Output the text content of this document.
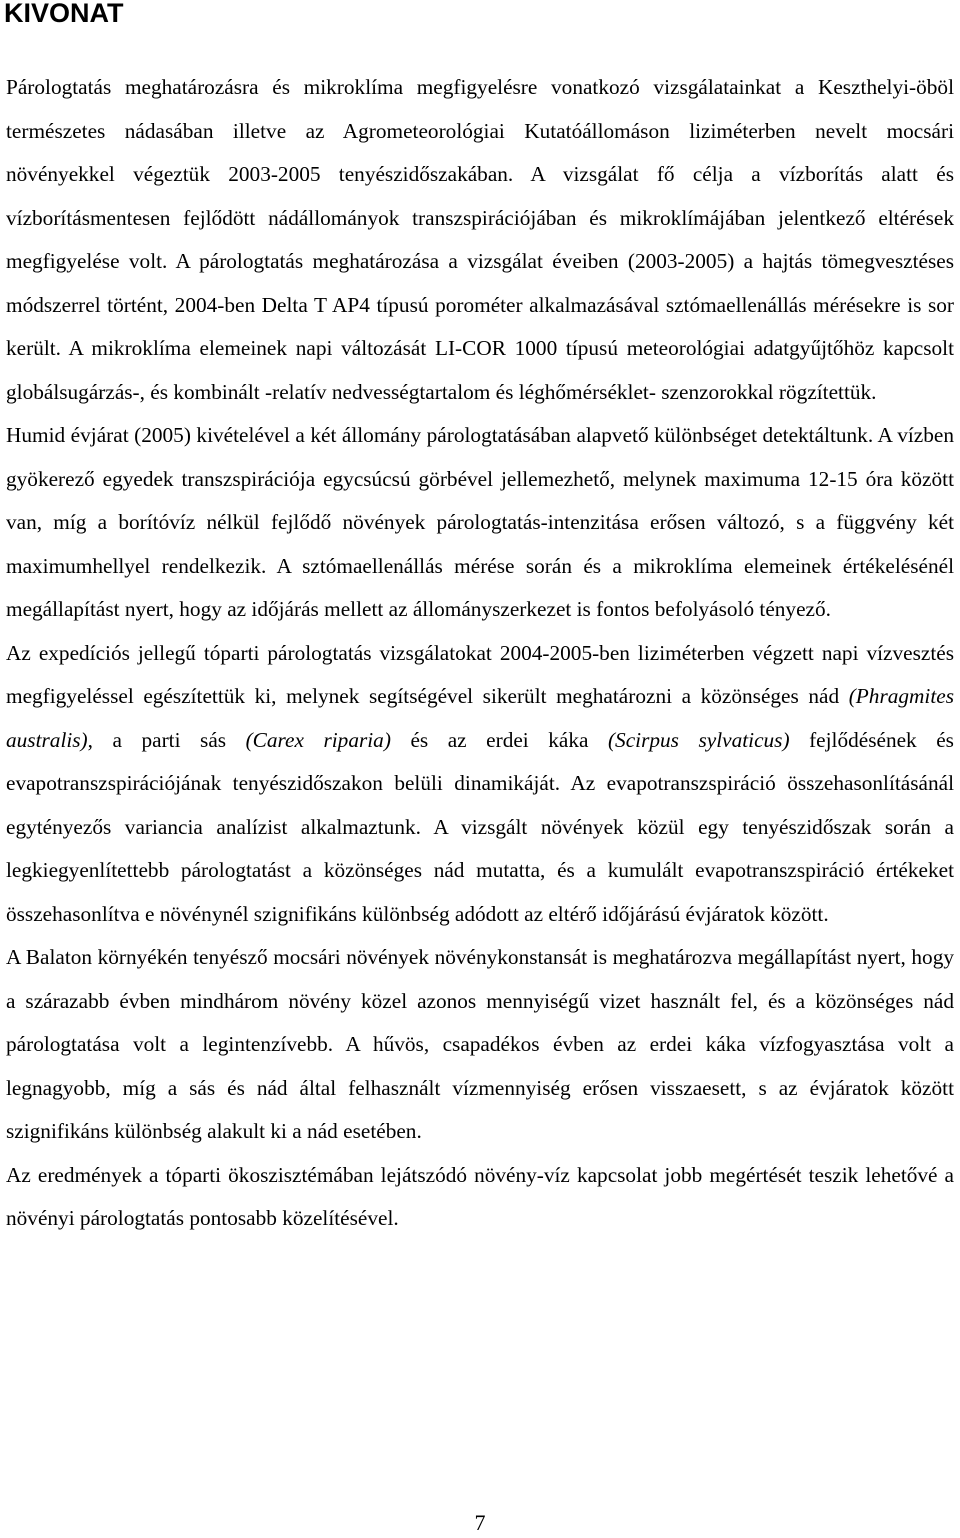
KIVONAT

Párologtatás meghatározásra és mikroklíma megfigyelésre vonatkozó vizsgálatainkat a Keszthelyi-öböl természetes nádasában illetve az Agrometeorológiai Kutatóállomáson liziméterben nevelt mocsári növényekkel végeztük 2003-2005 tenyészidőszakában. A vizsgálat fő célja a vízborítás alatt és vízborításmentesen fejlődött nádállományok transzspirációjában és mikroklímájában jelentkező eltérések megfigyelése volt. A párologtatás meghatározása a vizsgálat éveiben (2003-2005) a hajtás tömegvesztéses módszerrel történt, 2004-ben Delta T AP4 típusú porométer alkalmazásával sztómaellenállás mérésekre is sor került. A mikroklíma elemeinek napi változását LI-COR 1000 típusú meteorológiai adatgyűjtőhöz kapcsolt globálsugárzás-, és kombinált -relatív nedvességtartalom és léghőmérséklet- szenzorokkal rögzítettük.

Humid évjárat (2005) kivételével a két állomány párologtatásában alapvető különbséget detektáltunk. A vízben gyökerező egyedek transzspirációja egycsúcsú görbével jellemezhető, melynek maximuma 12-15 óra között van, míg a borítóvíz nélkül fejlődő növények párologtatás-intenzitása erősen változó, s a függvény két maximumhellyel rendelkezik. A sztómaellenállás mérése során és a mikroklíma elemeinek értékelésénél megállapítást nyert, hogy az időjárás mellett az állományszerkezet is fontos befolyásoló tényező.

Az expedíciós jellegű tóparti párologtatás vizsgálatokat 2004-2005-ben liziméterben végzett napi vízvesztés megfigyeléssel egészítettük ki, melynek segítségével sikerült meghatározni a közönséges nád (Phragmites australis), a parti sás (Carex riparia) és az erdei káka (Scirpus sylvaticus) fejlődésének és evapotranszspirációjának tenyészidőszakon belüli dinamikáját. Az evapotranszspiráció összehasonlításánál egytényezős variancia analízist alkalmaztunk. A vizsgált növények közül egy tenyészidőszak során a legkiegyenlítettebb párologtatást a közönséges nád mutatta, és a kumulált evapotranszspiráció értékeket összehasonlítva e növénynél szignifikáns különbség adódott az eltérő időjárású évjáratok között.

A Balaton környékén tenyésző mocsári növények növénykonstansát is meghatározva megállapítást nyert, hogy a szárazabb évben mindhárom növény közel azonos mennyiségű vizet használt fel, és a közönséges nád párologtatása volt a legintenzívebb. A hűvös, csapadékos évben az erdei káka vízfogyasztása volt a legnagyobb, míg a sás és nád által felhasznált vízmennyiség erősen visszaesett, s az évjáratok között szignifikáns különbség alakult ki a nád esetében.

Az eredmények a tóparti ökoszisztémában lejátszódó növény-víz kapcsolat jobb megértését teszik lehetővé a növényi párologtatás pontosabb közelítésével.

7
